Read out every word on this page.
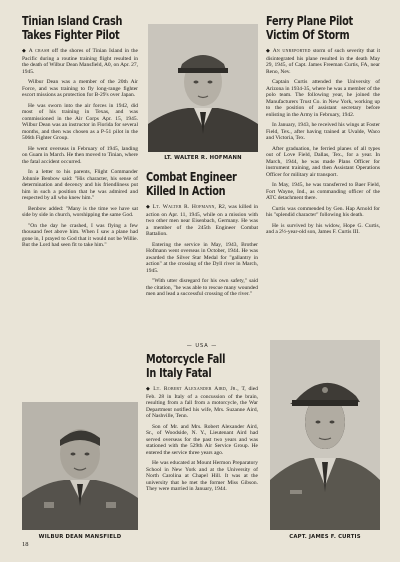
Tinian Island Crash
Takes Fighter Pilot

◆ A crash off the shores of Tinian Island in the Pacific during a routine training flight resulted in the death of Wilbur Dean Mansfield, A0, on Apr. 27, 1945.

Wilbur Dean was a member of the 20th Air Force, and was training to fly long-range fighter escort missions as protection for B-29's over Japan.

He was sworn into the air forces in 1942, did most of his training in Texas, and was commissioned in the Air Corps Apr. 15, 1945. Wilbur Dean was an instructor in Florida for several months, and then was chosen as a P-51 pilot in the 506th Fighter Group.

He went overseas in February of 1945, landing on Guam in March. He then moved to Tinian, where the fatal accident occurred.

In a letter to his parents, Flight Commander Johnnie Benbow said: "His character, his sense of determination and decency and his friendliness put him in such a position that he was admired and respected by all who knew him."

Benbow added: "Many is the time we have sat side by side in church, worshipping the same God.

"On the day he crashed, I was flying a few thousand feet above him. When I saw a plane had gone in, I prayed to God that it would not be Willie. But the Lord had seen fit to take him."

LT. WALTER R. HOFMANN
Combat Engineer
Killed In Action

◆ Lt. Walter R. Hofmann, R2, was killed in action on Apr. 11, 1945, while on a mission with two other men near Eisenbach, Germany. He was a member of the 245th Engineer Combat Battalion.

Entering the service in May, 1943, Brother Hofmann went overseas in October, 1944. He was awarded the Silver Star Medal for "gallantry in action" at the crossing of the Dyll river in March, 1945.

"With utter disregard for his own safety," said the citation, "he was able to rescue many wounded men and lead a successful crossing of the river."

— USA —
Motorcycle Fall
In Italy Fatal

◆ Lt. Robert Alexander Aird, Jr., T, died Feb. 28 in Italy of a concussion of the brain, resulting from a fall from a motorcycle, the War Department notified his wife, Mrs. Suzanne Aird, of Nashville, Tenn.

Son of Mr. and Mrs. Robert Alexander Aird, Sr., of Woodside, N. Y., Lieutenant Aird had served overseas for the past two years and was stationed with the 529th Air Service Group. He entered the service three years ago.

He was educated at Mount Hermon Preparatory School in New York and at the University of North Carolina at Chapel Hill. It was at the university that he met the former Miss Gibson. They were married in January, 1944.

WILBUR DEAN MANSFIELD
Ferry Plane Pilot
Victim Of Storm

◆ An unreported storm of such severity that it disintegrated his plane resulted in the death May 29, 1945, of Capt. James Freeman Curtis, FA, near Reno, Nev.

Captain Curtis attended the University of Arizona in 1934-35, where he was a member of the polo team. The following year, he joined the Manufacturers Trust Co. in New York, working up to the position of assistant secretary before enlisting in the Army in February, 1942.

In January, 1943, he received his wings at Foster Field, Tex., after having trained at Uvalde, Waco and Victoria, Tex.

After graduation, he ferried planes of all types out of Love Field, Dallas, Tex., for a year. In March, 1944, he was made Plans Officer for instrument training, and then Assistant Operations Officer for military air transport.

In May, 1945, he was transferred to Baer Field, Fort Wayne, Ind., as commanding officer of the ATC detachment there.

Curtis was commended by Gen. Hap Arnold for his "splendid character" following his death.

He is survived by his widow, Hope G. Curtis, and a 2½-year-old son, James F. Curtis III.

CAPT. JAMES F. CURTIS
18
